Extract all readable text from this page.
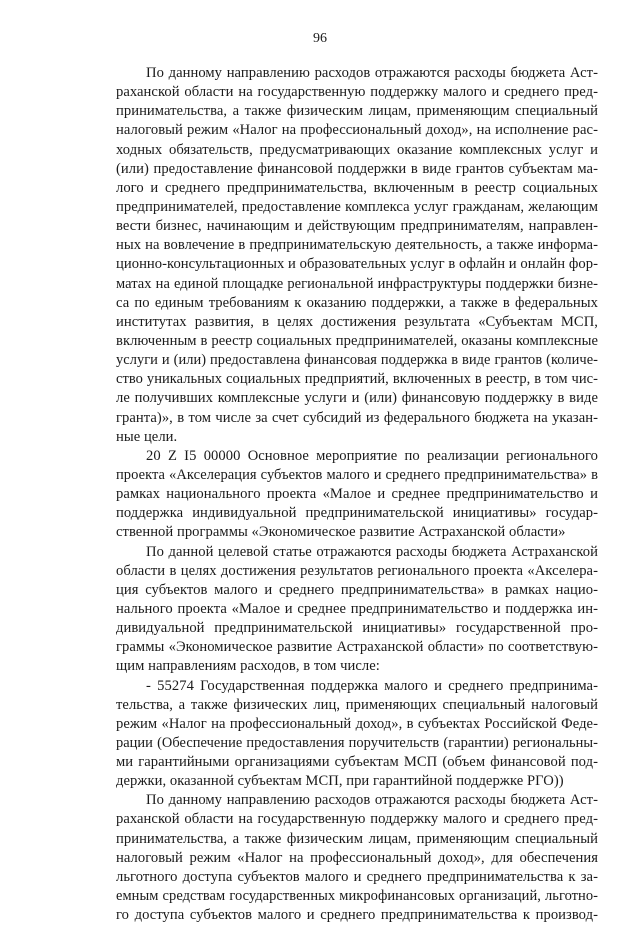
96
По данному направлению расходов отражаются расходы бюджета Аст-
раханской области на государственную поддержку малого и среднего пред-
принимательства, а также физическим лицам, применяющим специальный
налоговый режим «Налог на профессиональный доход», на исполнение рас-
ходных обязательств, предусматривающих оказание комплексных услуг и
(или) предоставление финансовой поддержки в виде грантов субъектам ма-
лого и среднего предпринимательства, включенным в реестр социальных
предпринимателей, предоставление комплекса услуг гражданам, желающим
вести бизнес, начинающим и действующим предпринимателям, направлен-
ных на вовлечение в предпринимательскую деятельность, а также информа-
ционно-консультационных и образовательных услуг в офлайн и онлайн фор-
матах на единой площадке региональной инфраструктуры поддержки бизне-
са по единым требованиям к оказанию поддержки, а также в федеральных
институтах развития, в целях достижения результата «Субъектам МСП,
включенным в реестр социальных предпринимателей, оказаны комплексные
услуги и (или) предоставлена финансовая поддержка в виде грантов (количе-
ство уникальных социальных предприятий, включенных в реестр, в том чис-
ле получивших комплексные услуги и (или) финансовую поддержку в виде
гранта)», в том числе за счет субсидий из федерального бюджета на указан-
ные цели.
20 Z I5 00000 Основное мероприятие по реализации регионального
проекта «Акселерация субъектов малого и среднего предпринимательства» в
рамках национального проекта «Малое и среднее предпринимательство и
поддержка индивидуальной предпринимательской инициативы» государ-
ственной программы «Экономическое развитие Астраханской области»
По данной целевой статье отражаются расходы бюджета Астраханской
области в целях достижения результатов регионального проекта «Акселера-
ция субъектов малого и среднего предпринимательства» в рамках нацио-
нального проекта «Малое и среднее предпринимательство и поддержка ин-
дивидуальной предпринимательской инициативы» государственной про-
граммы «Экономическое развитие Астраханской области» по соответствую-
щим направлениям расходов, в том числе:
- 55274 Государственная поддержка малого и среднего предпринима-
тельства, а также физических лиц, применяющих специальный налоговый
режим «Налог на профессиональный доход», в субъектах Российской Феде-
рации (Обеспечение предоставления поручительств (гарантии) региональны-
ми гарантийными организациями субъектам МСП (объем финансовой под-
держки, оказанной субъектам МСП, при гарантийной поддержке РГО))
По данному направлению расходов отражаются расходы бюджета Аст-
раханской области на государственную поддержку малого и среднего пред-
принимательства, а также физическим лицам, применяющим специальный
налоговый режим «Налог на профессиональный доход», для обеспечения
льготного доступа субъектов малого и среднего предпринимательства к за-
емным средствам государственных микрофинансовых организаций, льготно-
го доступа субъектов малого и среднего предпринимательства к производ-
